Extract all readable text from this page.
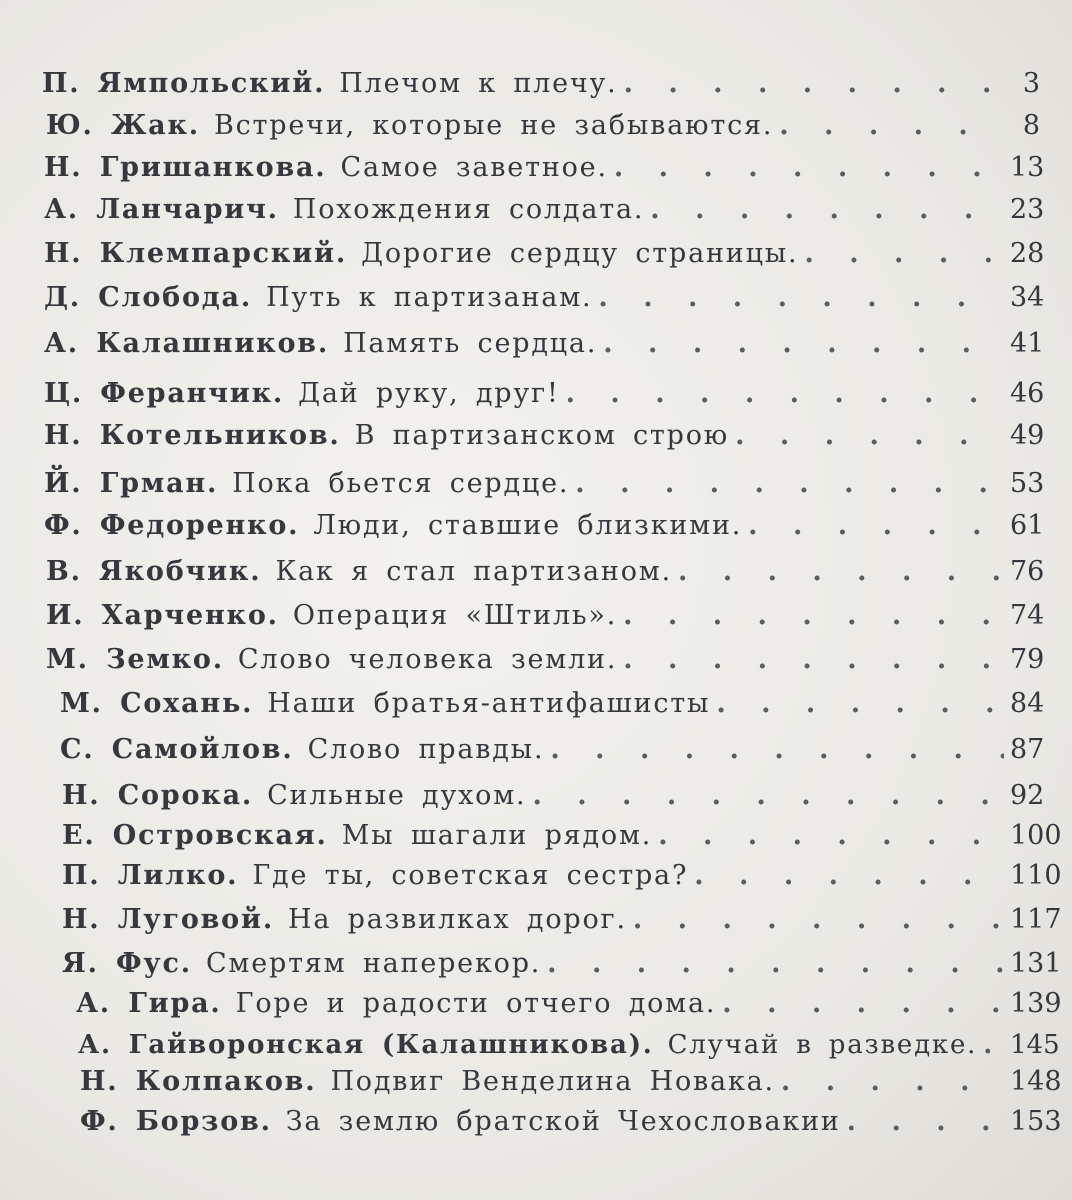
П. Ямпольский. Плечом к плечу. . . .	3
Ю. Жак. Встречи, которые не забываются. . . .	8
Н. Гришанкова. Самое заветное. . . .	13
А. Ланчарич. Похождения солдата. . . .	23
Н. Клемпарский. Дорогие сердцу страницы. . . .	28
Д. Слобода. Путь к партизанам. . . .	34
А. Калашников. Память сердца. . . .	41
Ц. Феранчик. Дай руку, друг! . . .	46
Н. Котельников. В партизанском строю . . .	49
Й. Грман. Пока бьется сердце. . . .	53
Ф. Федоренко. Люди, ставшие близкими. . . .	61
В. Якобчик. Как я стал партизаном. . . .	76
И. Харченко. Операция «Штиль». . . .	74
М. Земко. Слово человека земли. . . .	79
М. Сохань. Наши братья-антифашисты . . .	84
С. Самойлов. Слово правды. . . .	87
Н. Сорока. Сильные духом. . . .	92
Е. Островская. Мы шагали рядом. . . .	100
П. Лилко. Где ты, советская сестра? . . .	110
Н. Луговой. На развилках дорог. . . .	117
Я. Фус. Смертям наперекор. . . .	131
А. Гира. Горе и радости отчего дома. . . .	139
А. Гайворонская (Калашникова). Случай в разведке. . . . 145
Н. Колпаков. Подвиг Венделина Новака. . . .	148
Ф. Борзов. За землю братской Чехословакии . . .	153
